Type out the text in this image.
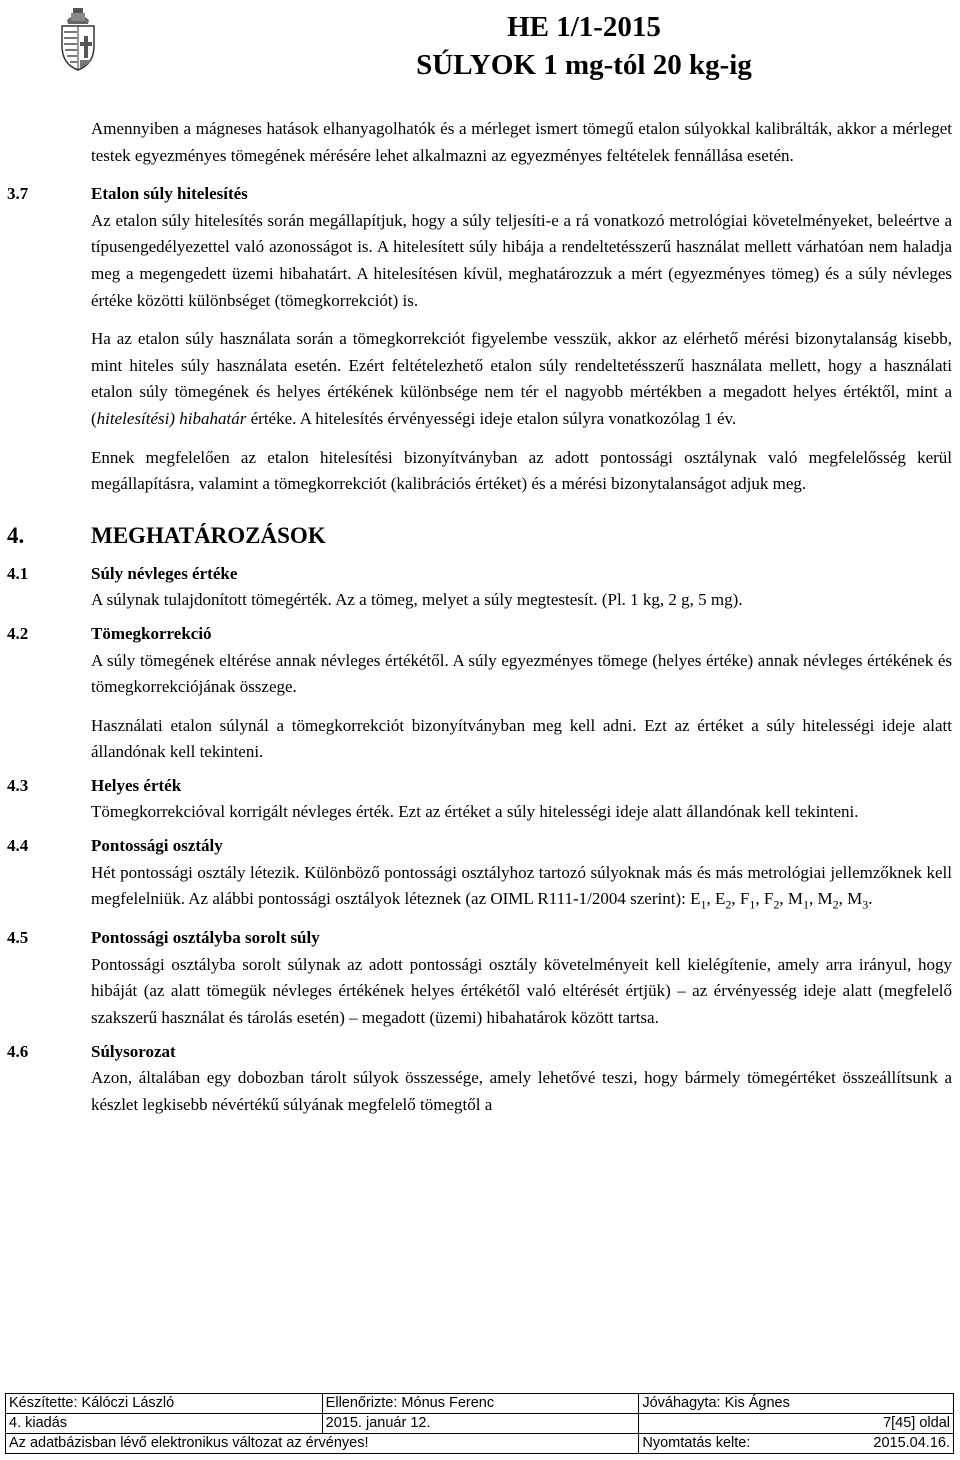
HE 1/1-2015
SÚLYOK 1 mg-tól 20 kg-ig

Amennyiben a mágneses hatások elhanyagolhatók és a mérleget ismert tömegű etalon súlyokkal kalibrálták, akkor a mérleget testek egyezményes tömegének mérésére lehet alkalmazni az egyezményes feltételek fennállása esetén.

3.7	Etalon súly hitelesítés

Az etalon súly hitelesítés során megállapítjuk, hogy a súly teljesíti-e a rá vonatkozó metrológiai követelményeket, beleértve a típusengedélyezettel való azonosságot is. A hitelesített súly hibája a rendeltetésszerű használat mellett várhatóan nem haladja meg a megengedett üzemi hibahatárt. A hitelesítésen kívül, meghatározzuk a mért (egyezményes tömeg) és a súly névleges értéke közötti különbséget (tömegkorrekciót) is.

Ha az etalon súly használata során a tömegkorrekciót figyelembe vesszük, akkor az elérhető mérési bizonytalanság kisebb, mint hiteles súly használata esetén. Ezért feltételezhető etalon súly rendeltetésszerű használata mellett, hogy a használati etalon súly tömegének és helyes értékének különbsége nem tér el nagyobb mértékben a megadott helyes értéktől, mint a (hitelesítési) hibahatár értéke. A hitelesítés érvényességi ideje etalon súlyra vonatkozólag 1 év.

Ennek megfelelően az etalon hitelesítési bizonyítványban az adott pontossági osztálynak való megfelelősség kerül megállapításra, valamint a tömegkorrekciót (kalibrációs értéket) és a mérési bizonytalanságot adjuk meg.

4.	MEGHATÁROZÁSOK
4.1	Súly névleges értéke

A súlynak tulajdonított tömegérték. Az a tömeg, melyet a súly megtestesít. (Pl. 1 kg, 2 g, 5 mg).

4.2	Tömegkorrekció

A súly tömegének eltérése annak névleges értékétől. A súly egyezményes tömege (helyes értéke) annak névleges értékének és tömegkorrekciójának összege.

Használati etalon súlynál a tömegkorrekciót bizonyítványban meg kell adni. Ezt az értéket a súly hitelességi ideje alatt állandónak kell tekinteni.

4.3	Helyes érték

Tömegkorrekcióval korrigált névleges érték. Ezt az értéket a súly hitelességi ideje alatt állandónak kell tekinteni.

4.4	Pontossági osztály

Hét pontossági osztály létezik. Különböző pontossági osztályhoz tartozó súlyoknak más és más metrológiai jellemzőknek kell megfelelniük. Az alábbi pontossági osztályok léteznek (az OIML R111-1/2004 szerint): $E_1$, $E_2$, $F_1$, $F_2$, $M_1$, $M_2$, $M_3$.

4.5	Pontossági osztályba sorolt súly

Pontossági osztályba sorolt súlynak az adott pontossági osztály követelményeit kell kielégítenie, amely arra irányul, hogy hibáját (az alatt tömegük névleges értékének helyes értékétől való eltérését értjük) – az érvényesség ideje alatt (megfelelő szakszerű használat és tárolás esetén) – megadott (üzemi) hibahatárok között tartsa.

4.6	Súlysorozat

Azon, általában egy dobozban tárolt súlyok összessége, amely lehetővé teszi, hogy bármely tömegértéket összeállítsunk a készlet legkisebb névértékű súlyának megfelelő tömegtől a

Készítette: Kálóczi László	Ellenőrizte: Mónus Ferenc	Jóváhagyta: Kis Ágnes
4. kiadás	2015. január 12.	7[45] oldal
Az adatbázisban lévő elektronikus változat az érvényes!		Nyomtatás kelte: 2015.04.16.
